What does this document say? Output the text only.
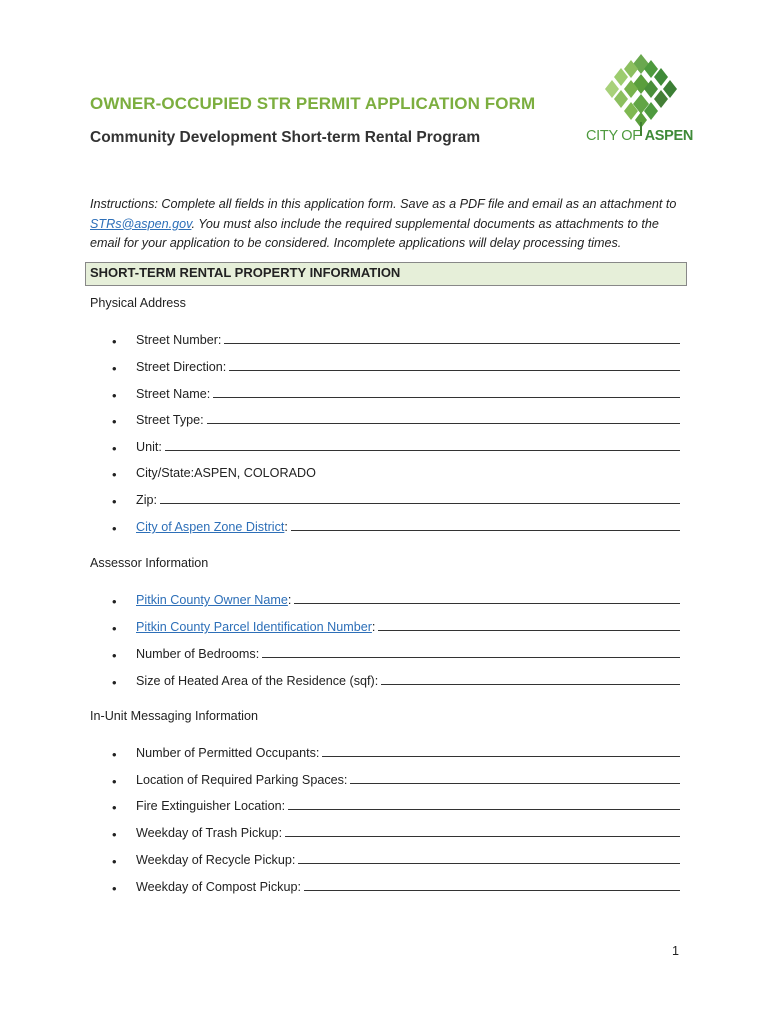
OWNER-OCCUPIED STR PERMIT APPLICATION FORM
Community Development Short-term Rental Program	CITY OF ASPEN
Instructions: Complete all fields in this application form. Save as a PDF file and email as an attachment to STRs@aspen.gov. You must also include the required supplemental documents as attachments to the email for your application to be considered. Incomplete applications will delay processing times.
SHORT-TERM RENTAL PROPERTY INFORMATION
Physical Address
• Street Number:
• Street Direction:
• Street Name:
• Street Type:
• Unit:
• City/State: ASPEN, COLORADO
• Zip:
• City of Aspen Zone District :
Assessor Information
• Pitkin County Owner Name :
• Pitkin County Parcel Identification Number :
• Number of Bedrooms:
• Size of Heated Area of the Residence (sqf):
In-Unit Messaging Information
• Number of Permitted Occupants:
• Location of Required Parking Spaces:
• Fire Extinguisher Location:
• Weekday of Trash Pickup:
• Weekday of Recycle Pickup:
• Weekday of Compost Pickup:
1
